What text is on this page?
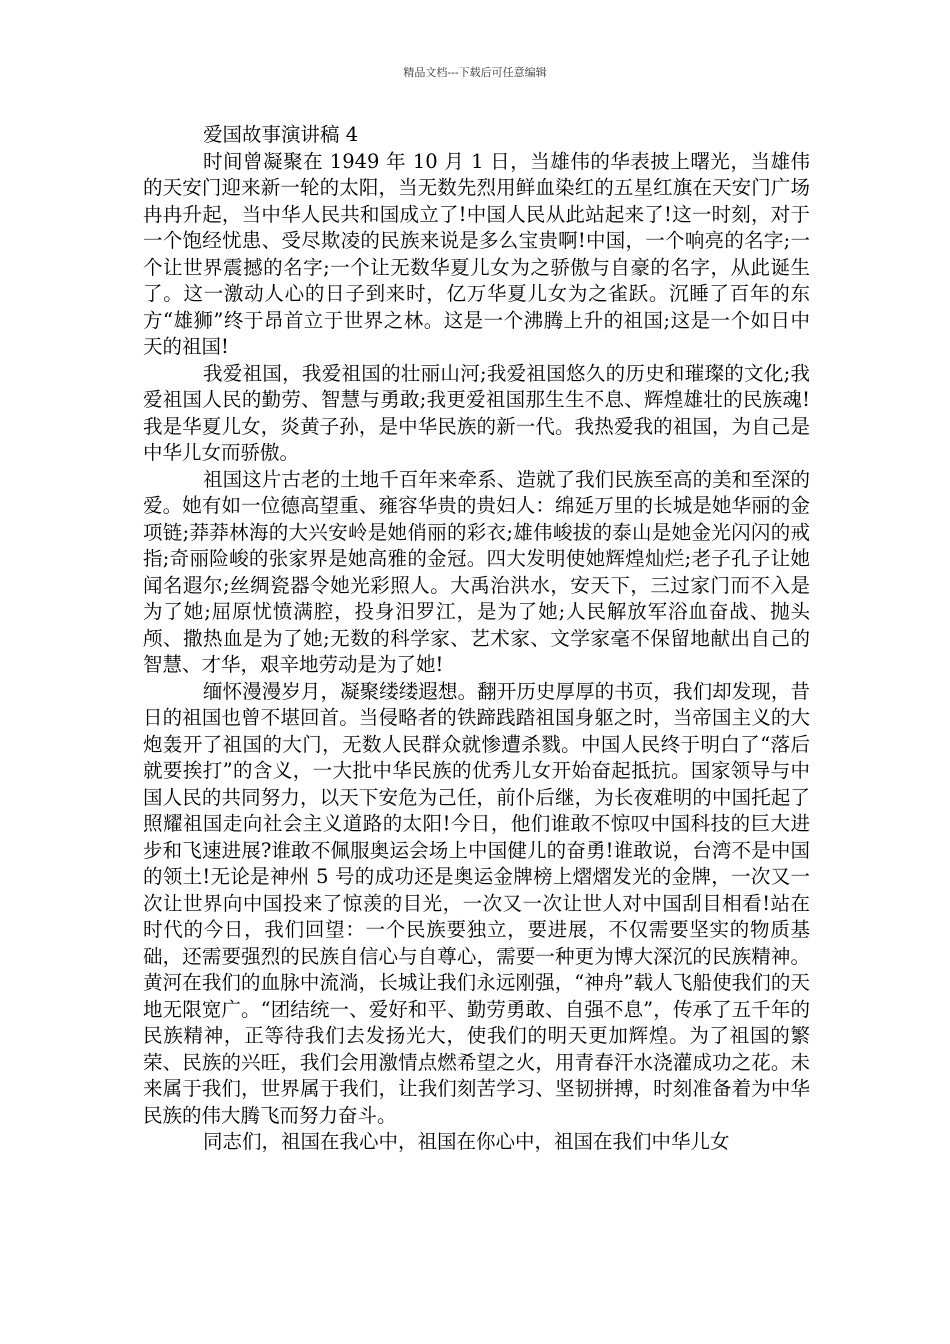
精品文档---下载后可任意编辑
爱国故事演讲稿 4

时间曾凝聚在 1949 年 10 月 1 日，当雄伟的华表披上曙光，当雄伟的天安门迎来新一轮的太阳，当无数先烈用鲜血染红的五星红旗在天安门广场冉冉升起，当中华人民共和国成立了!中国人民从此站起来了!这一时刻，对于一个饱经忧患、受尽欺凌的民族来说是多么宝贵啊!中国，一个响亮的名字;一个让世界震撼的名字;一个让无数华夏儿女为之骄傲与自豪的名字，从此诞生了。这一激动人心的日子到来时，亿万华夏儿女为之雀跃。沉睡了百年的东方“雄狮”终于昂首立于世界之林。这是一个沸腾上升的祖国;这是一个如日中天的祖国!

我爱祖国，我爱祖国的壮丽山河;我爱祖国悠久的历史和璀璨的文化;我爱祖国人民的勤劳、智慧与勇敢;我更爱祖国那生生不息、辉煌雄壮的民族魂!我是华夏儿女，炎黄子孙，是中华民族的新一代。我热爱我的祖国，为自己是中华儿女而骄傲。

祖国这片古老的土地千百年来牵系、造就了我们民族至高的美和至深的爱。她有如一位德高望重、雍容华贵的贵妇人：绵延万里的长城是她华丽的金项链;莽莽林海的大兴安岭是她俏丽的彩衣;雄伟峻拔的泰山是她金光闪闪的戒指;奇丽险峻的张家界是她高雅的金冠。四大发明使她辉煌灿烂;老子孔子让她闻名遐尔;丝绸瓷器令她光彩照人。大禹治洪水，安天下，三过家门而不入是为了她;屈原忧愤满腔，投身汨罗江，是为了她;人民解放军浴血奋战、抛头颅、撒热血是为了她;无数的科学家、艺术家、文学家毫不保留地献出自己的智慧、才华，艰辛地劳动是为了她!

缅怀漫漫岁月，凝聚缕缕遐想。翻开历史厚厚的书页，我们却发现，昔日的祖国也曾不堪回首。当侵略者的铁蹄践踏祖国身躯之时，当帝国主义的大炮轰开了祖国的大门，无数人民群众就惨遭杀戮。中国人民终于明白了“落后就要挨打”的含义，一大批中华民族的优秀儿女开始奋起抵抗。国家领导与中国人民的共同努力，以天下安危为己任，前仆后继，为长夜难明的中国托起了照耀祖国走向社会主义道路的太阳!今日，他们谁敢不惊叹中国科技的巨大进步和飞速进展?谁敢不佩服奥运会场上中国健儿的奋勇!谁敢说，台湾不是中国的领土!无论是神州 5 号的成功还是奥运金牌榜上熠熠发光的金牌，一次又一次让世界向中国投来了惊羡的目光，一次又一次让世人对中国刮目相看!站在时代的今日，我们回望：一个民族要独立，要进展，不仅需要坚实的物质基础，还需要强烈的民族自信心与自尊心，需要一种更为博大深沉的民族精神。黄河在我们的血脉中流淌，长城让我们永远刚强，“神舟”载人飞船使我们的天地无限宽广。“团结统一、爱好和平、勤劳勇敢、自强不息”，传承了五千年的民族精神，正等待我们去发扬光大，使我们的明天更加辉煌。为了祖国的繁荣、民族的兴旺，我们会用激情点燃希望之火，用青春汗水浇灌成功之花。未来属于我们，世界属于我们，让我们刻苦学习、坚韧拼搏，时刻准备着为中华民族的伟大腾飞而努力奋斗。

同志们，祖国在我心中，祖国在你心中，祖国在我们中华儿女
